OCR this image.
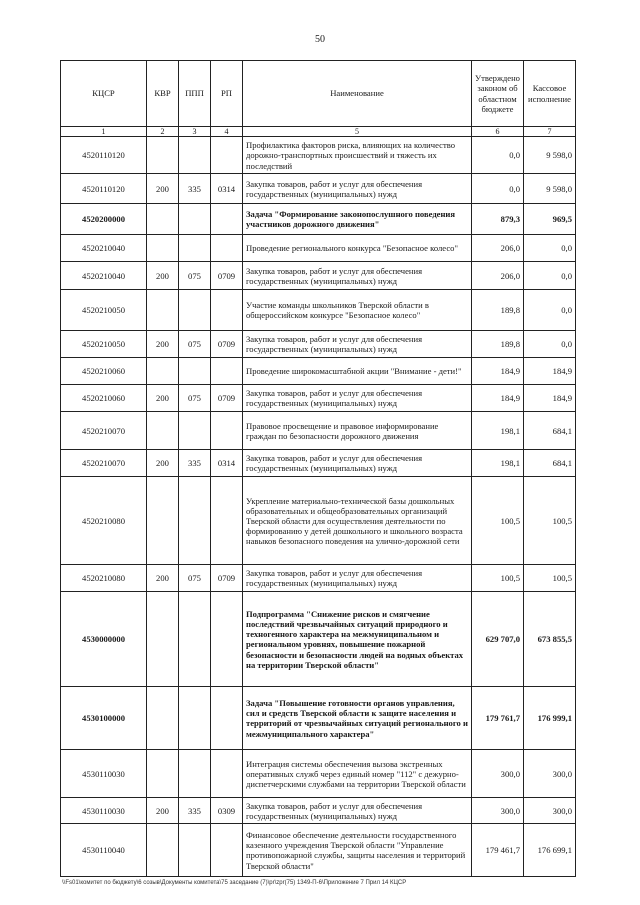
50
КЦСР	КВР	ППП	РП	Наименование	Утверждено законом об областном бюджете	Кассовое исполнение
1	2	3	4	5	6	7
4520110120				Профилактика факторов риска, влияющих на количество дорожно-транспортных происшествий и тяжесть их последствий	0,0	9 598,0
4520110120	200	335	0314	Закупка товаров, работ и услуг для обеспечения государственных (муниципальных) нужд	0,0	9 598,0
4520200000				Задача "Формирование законопослушного поведения участников дорожного движения"	879,3	969,5
4520210040				Проведение регионального конкурса "Безопасное колесо"	206,0	0,0
4520210040	200	075	0709	Закупка товаров, работ и услуг для обеспечения государственных (муниципальных) нужд	206,0	0,0
4520210050				Участие команды школьников Тверской области в общероссийском конкурсе "Безопасное колесо"	189,8	0,0
4520210050	200	075	0709	Закупка товаров, работ и услуг для обеспечения государственных (муниципальных) нужд	189,8	0,0
4520210060				Проведение широкомасштабной акции "Внимание - дети!"	184,9	184,9
4520210060	200	075	0709	Закупка товаров, работ и услуг для обеспечения государственных (муниципальных) нужд	184,9	184,9
4520210070				Правовое просвещение и правовое информирование граждан по безопасности дорожного движения	198,1	684,1
4520210070	200	335	0314	Закупка товаров, работ и услуг для обеспечения государственных (муниципальных) нужд	198,1	684,1
4520210080				Укрепление материально-технической базы дошкольных образовательных и общеобразовательных организаций Тверской области для осуществления деятельности по формированию у детей дошкольного и школьного возраста навыков безопасного поведения на улично-дорожной сети	100,5	100,5
4520210080	200	075	0709	Закупка товаров, работ и услуг для обеспечения государственных (муниципальных) нужд	100,5	100,5
4530000000				Подпрограмма "Снижение рисков и смягчение последствий чрезвычайных ситуаций природного и техногенного характера на межмуниципальном и региональном уровнях, повышение пожарной безопасности и безопасности людей на водных объектах на территории Тверской области"	629 707,0	673 855,5
4530100000				Задача "Повышение готовности органов управления, сил и средств Тверской области к защите населения и территорий от чрезвычайных ситуаций регионального и межмуниципального характера"	179 761,7	176 999,1
4530110030				Интеграция системы обеспечения вызова экстренных оперативных служб через единый номер "112" с дежурно-диспетчерскими службами на территории Тверской области	300,0	300,0
4530110030	200	335	0309	Закупка товаров, работ и услуг для обеспечения государственных (муниципальных) нужд	300,0	300,0
4530110040				Финансовое обеспечение деятельности государственного казенного учреждения Тверской области "Управление противопожарной службы, защиты населения и территорий Тверской области"	179 461,7	176 699,1
\\Fs01\комитет по бюджету\6 созыв\Документы комитета\75 заседание (7)\pr\zpr(75) 1349-П-6\Приложение 7 Прил 14 КЦСР
